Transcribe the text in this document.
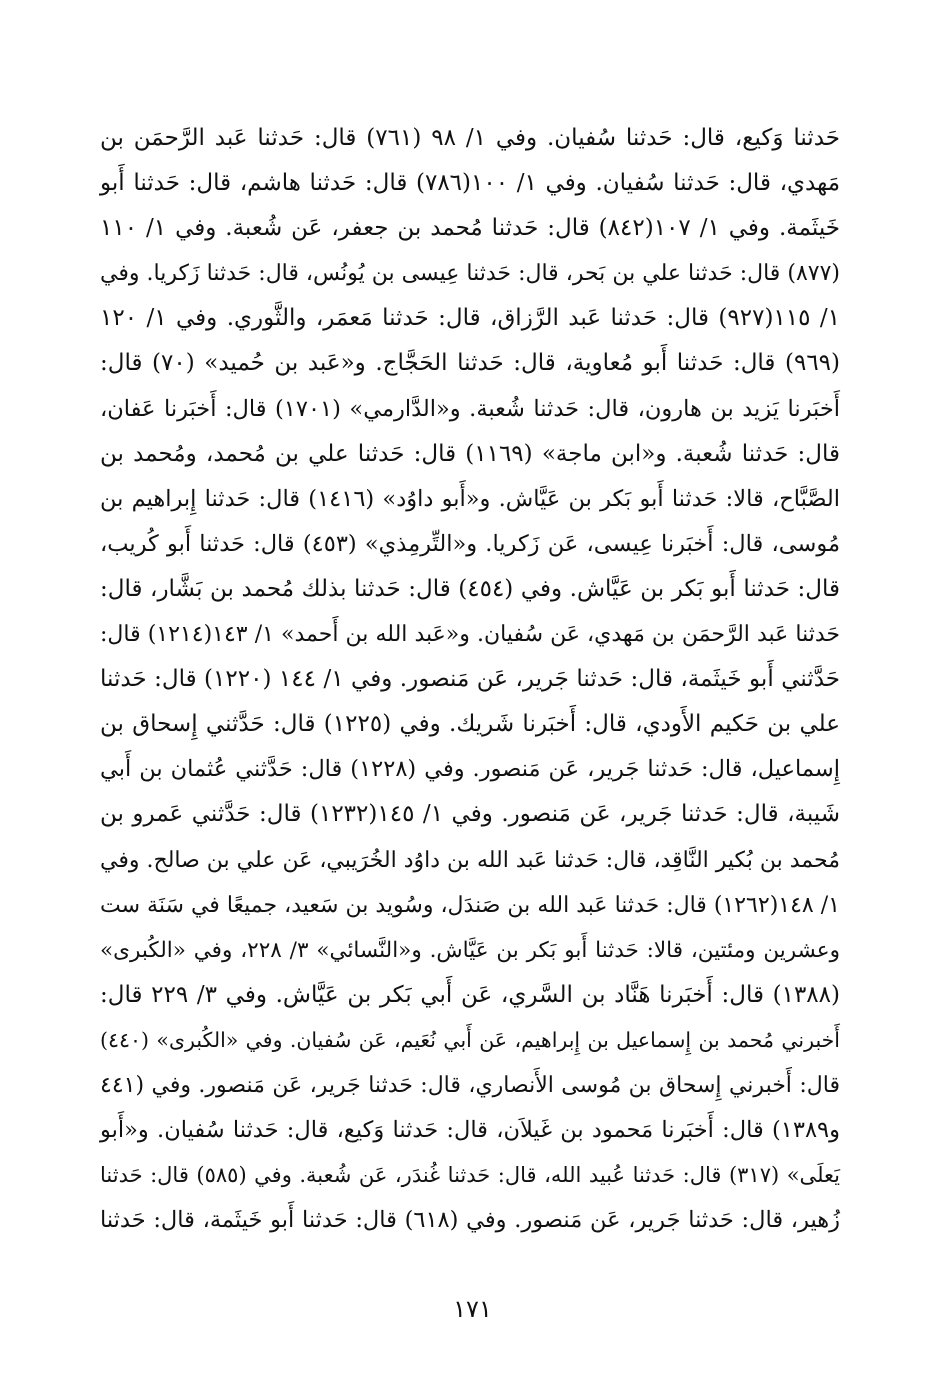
حَدثنا وَكيع، قال: حَدثنا سُفيان. وفي ١/ ٩٨ (٧٦١) قال: حَدثنا عَبد الرَّحمَن بن
مَهدي، قال: حَدثنا سُفيان. وفي ١/ ١٠٠(٧٨٦) قال: حَدثنا هاشم، قال: حَدثنا أَبو
خَيثَمة. وفي ١/ ١٠٧(٨٤٢) قال: حَدثنا مُحمد بن جعفر، عَن شُعبة. وفي ١/ ١١٠
(٨٧٧) قال: حَدثنا علي بن بَحر، قال: حَدثنا عِيسى بن يُونُس، قال: حَدثنا زَكريا. وفي
١/ ١١٥(٩٢٧) قال: حَدثنا عَبد الرَّزاق، قال: حَدثنا مَعمَر، والثَّوري. وفي ١/ ١٢٠
(٩٦٩) قال: حَدثنا أَبو مُعاوية، قال: حَدثنا الحَجَّاج. و«عَبد بن حُميد» (٧٠) قال:
أَخبَرنا يَزيد بن هارون، قال: حَدثنا شُعبة. و«الدَّارمي» (١٧٠١) قال: أَخبَرنا عَفان،
قال: حَدثنا شُعبة. و«ابن ماجة» (١١٦٩) قال: حَدثنا علي بن مُحمد، ومُحمد بن
الصَّبَّاح، قالا: حَدثنا أَبو بَكر بن عَيَّاش. و«أَبو داوُد» (١٤١٦) قال: حَدثنا إِبراهيم بن
مُوسى، قال: أَخبَرنا عِيسى، عَن زَكريا. و«التِّرمِذي» (٤٥٣) قال: حَدثنا أَبو كُريب،
قال: حَدثنا أَبو بَكر بن عَيَّاش. وفي (٤٥٤) قال: حَدثنا بذلك مُحمد بن بَشَّار، قال:
حَدثنا عَبد الرَّحمَن بن مَهدي، عَن سُفيان. و«عَبد الله بن أَحمد» ١/ ١٤٣(١٢١٤) قال:
حَدَّثني أَبو خَيثَمة، قال: حَدثنا جَرير، عَن مَنصور. وفي ١/ ١٤٤ (١٢٢٠) قال: حَدثنا
علي بن حَكيم الأَودي، قال: أَخبَرنا شَريك. وفي (١٢٢٥) قال: حَدَّثني إِسحاق بن
إِسماعيل، قال: حَدثنا جَرير، عَن مَنصور. وفي (١٢٢٨) قال: حَدَّثني عُثمان بن أَبي
شَيبة، قال: حَدثنا جَرير، عَن مَنصور. وفي ١/ ١٤٥(١٢٣٢) قال: حَدَّثني عَمرو بن
مُحمد بن بُكير النَّاقِد، قال: حَدثنا عَبد الله بن داوُد الخُرَيبي، عَن علي بن صالح. وفي
١/ ١٤٨(١٢٦٢) قال: حَدثنا عَبد الله بن صَندَل، وسُويد بن سَعيد، جميعًا في سَنَة ست
وعشرين ومئتين، قالا: حَدثنا أَبو بَكر بن عَيَّاش. و«النَّسائي» ٣/ ٢٢٨، وفي «الكُبرى»
(١٣٨٨) قال: أَخبَرنا هَنَّاد بن السَّري، عَن أَبي بَكر بن عَيَّاش. وفي ٣/ ٢٢٩ قال:
أَخبرني مُحمد بن إِسماعيل بن إِبراهيم، عَن أَبي نُعَيم، عَن سُفيان. وفي «الكُبرى» (٤٤٠)
قال: أَخبرني إِسحاق بن مُوسى الأَنصاري، قال: حَدثنا جَرير، عَن مَنصور. وفي (٤٤١
و١٣٨٩) قال: أَخبَرنا مَحمود بن غَيلاَن، قال: حَدثنا وَكيع، قال: حَدثنا سُفيان. و«أَبو
يَعلَى» (٣١٧) قال: حَدثنا عُبيد الله، قال: حَدثنا غُندَر، عَن شُعبة. وفي (٥٨٥) قال: حَدثنا
زُهير، قال: حَدثنا جَرير، عَن مَنصور. وفي (٦١٨) قال: حَدثنا أَبو خَيثَمة، قال: حَدثنا
١٧١
